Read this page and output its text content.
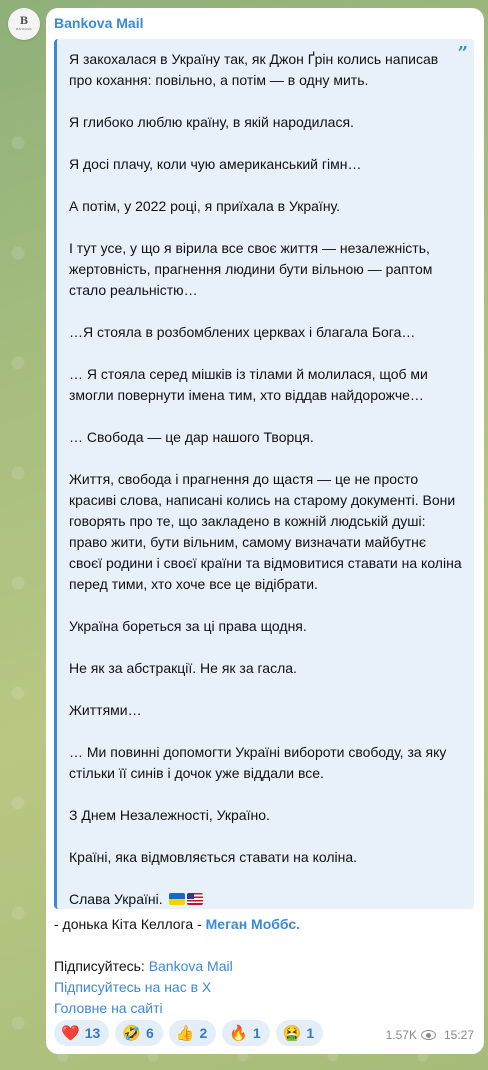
B
BANKOVA Bankova Mail
”

Я закохалася в Україну так, як Джон Ґрін колись написав про кохання: повільно, а потім — в одну мить.

Я глибоко люблю країну, в якій народилася.

Я досі плачу, коли чую американський гімн…

А потім, у 2022 році, я приїхала в Україну.

І тут усе, у що я вірила все своє життя — незалежність, жертовність, прагнення людини бути вільною — раптом стало реальністю…

…Я стояла в розбомблених церквах і благала Бога…

… Я стояла серед мішків із тілами й молилася, щоб ми змогли повернути імена тим, хто віддав найдорожче…

… Свобода — це дар нашого Творця.

Життя, свобода і прагнення до щастя — це не просто красиві слова, написані колись на старому документі. Вони говорять про те, що закладено в кожній людській душі: право жити, бути вільним, самому визначати майбутнє своєї родини і своєї країни та відмовитися ставати на коліна перед тими, хто хоче все це відібрати.

Україна бореться за ці права щодня.

Не як за абстракції. Не як за гасла.

Життями…

… Ми повинні допомогти Україні вибороти свободу, за яку стільки її синів і дочок уже віддали все.

З Днем Незалежності, Україно.

Країні, яка відмовляється ставати на коліна.

Слава Україні.

- донька Кіта Келлога - Меган Моббс.
Підписуйтесь: Bankova Mail
Підписуйтесь на нас в X
Головне на сайті
❤️ 13 🤣 6 👍 2 🔥 1 🤮 1	1.57K 15:27
